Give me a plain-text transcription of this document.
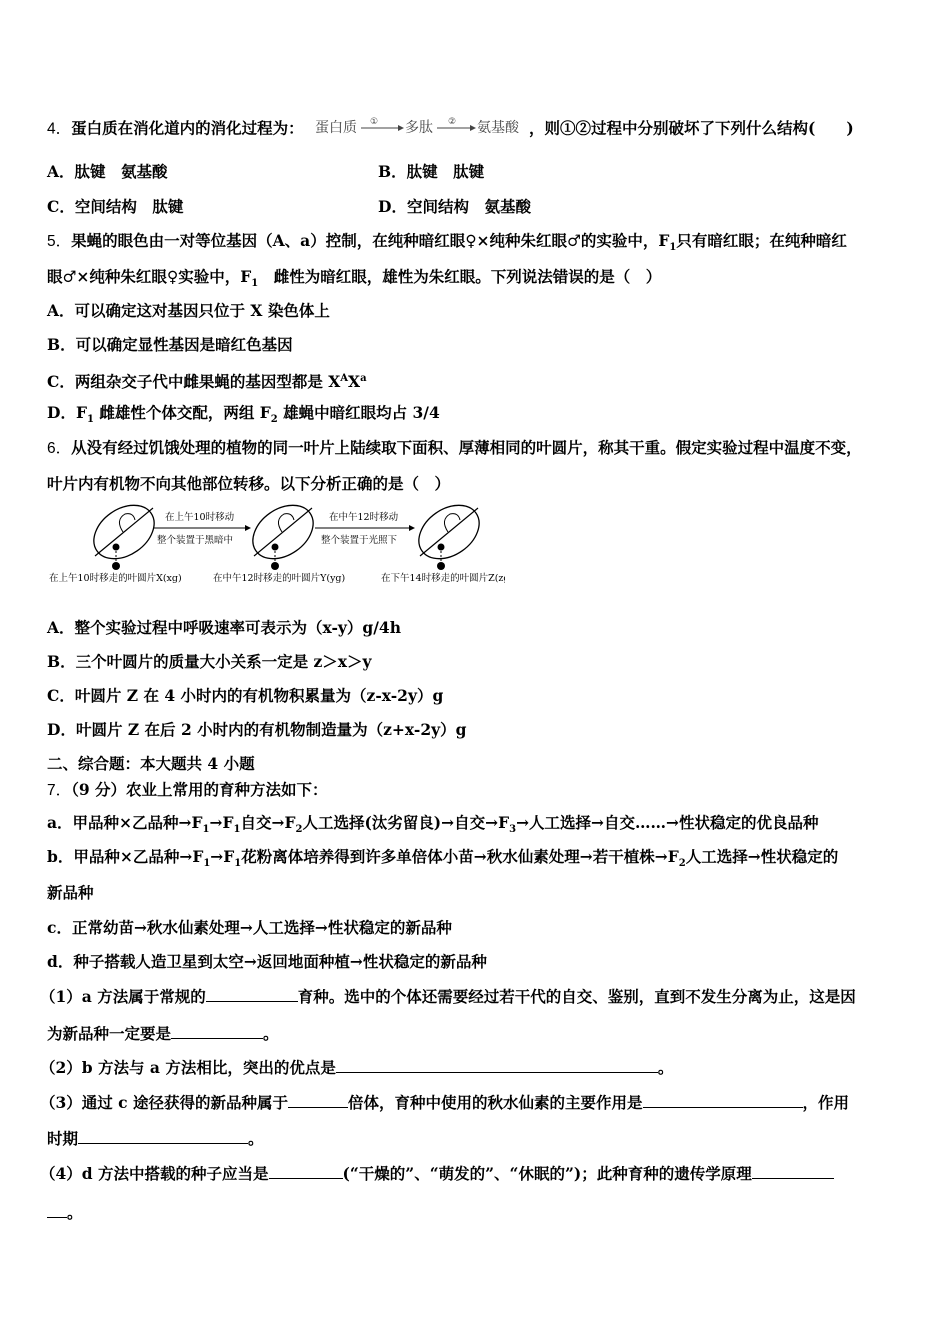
4．蛋白质在消化道内的消化过程为： 蛋白质 ① 多肽 ② 氨基酸 ，则①②过程中分别破坏了下列什么结构(　　)
A．肽键　氨基酸	B．肽键　肽键
C．空间结构　肽键	D．空间结构　氨基酸
5．果蝇的眼色由一对等位基因（A、a）控制，在纯种暗红眼♀×纯种朱红眼♂的实验中，$F_1$只有暗红眼；在纯种暗红
眼♂×纯种朱红眼♀实验中，$F_1$　雌性为暗红眼，雄性为朱红眼。下列说法错误的是（　）
A．可以确定这对基因只位于 X 染色体上
B．可以确定显性基因是暗红色基因
C．两组杂交子代中雌果蝇的基因型都是 $X^AX^a$
D．$F_1$ 雌雄性个体交配，两组 $F_2$ 雄蝇中暗红眼均占 3/4
6．从没有经过饥饿处理的植物的同一叶片上陆续取下面积、厚薄相同的叶圆片，称其干重。假定实验过程中温度不变，
叶片内有机物不向其他部位转移。以下分析正确的是（　）
在上午10时移动
整个装置于黑暗中
在中午12时移动
整个装置于光照下
在上午10时移走的叶圆片X(xg)	在中午12时移走的叶圆片Y(yg)	在下午14时移走的叶圆片Z(zg)
A．整个实验过程中呼吸速率可表示为（x-y）g/4h
B．三个叶圆片的质量大小关系一定是 z＞x＞y
C．叶圆片 Z 在 4 小时内的有机物积累量为（z-x-2y）g
D．叶圆片 Z 在后 2 小时内的有机物制造量为（z+x-2y）g
二、综合题：本大题共 4 小题
7．（9 分）农业上常用的育种方法如下：
a．甲品种×乙品种$\to F_1\to F_1$自交$\to F_2$人工选择(汰劣留良)→自交$\to F_3\to$人工选择→自交……→性状稳定的优良品种
b．甲品种×乙品种$\to F_1\to F_1$花粉离体培养得到许多单倍体小苗→秋水仙素处理→若干植株$\to F_2$人工选择→性状稳定的
新品种
c．正常幼苗→秋水仙素处理→人工选择→性状稳定的新品种
d．种子搭载人造卫星到太空→返回地面种植→性状稳定的新品种
（1）a 方法属于常规的	育种。选中的个体还需要经过若干代的自交、鉴别，直到不发生分离为止，这是因
为新品种一定要是	。
（2）b 方法与 a 方法相比，突出的优点是	。
（3）通过 c 途径获得的新品种属于	倍体，育种中使用的秋水仙素的主要作用是	，作用
时期	。
（4）d 方法中搭载的种子应当是	(“干燥的”、“萌发的”、“休眠的”)；此种育种的遗传学原理
。
